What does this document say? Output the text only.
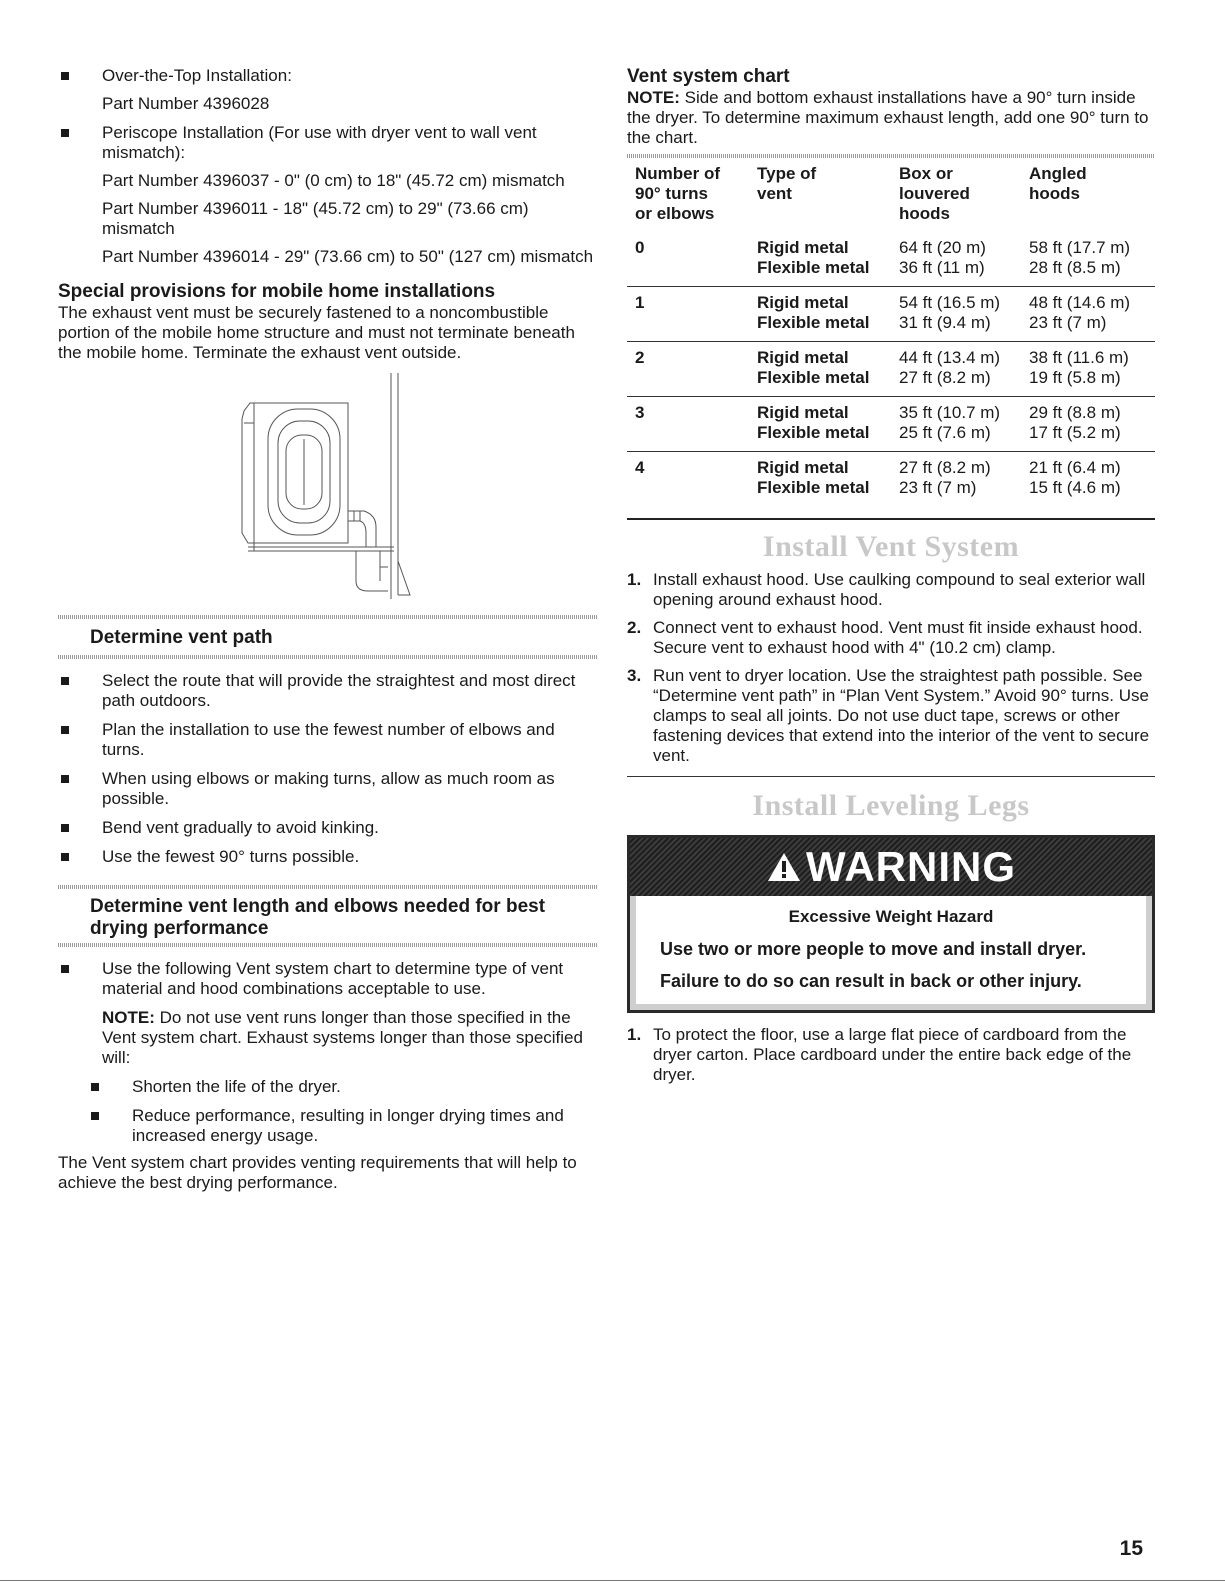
Over-the-Top Installation:

Part Number 4396028

Periscope Installation (For use with dryer vent to wall vent mismatch):

Part Number 4396037 - 0" (0 cm) to 18" (45.72 cm) mismatch

Part Number 4396011 - 18" (45.72 cm) to 29" (73.66 cm) mismatch

Part Number 4396014 - 29" (73.66 cm) to 50" (127 cm) mismatch

Special provisions for mobile home installations

The exhaust vent must be securely fastened to a noncombustible portion of the mobile home structure and must not terminate beneath the mobile home. Terminate the exhaust vent outside.

Determine vent path

Select the route that will provide the straightest and most direct path outdoors.

Plan the installation to use the fewest number of elbows and turns.

When using elbows or making turns, allow as much room as possible.

Bend vent gradually to avoid kinking.

Use the fewest 90° turns possible.

Determine vent length and elbows needed for best drying performance

Use the following Vent system chart to determine type of vent material and hood combinations acceptable to use.

NOTE: Do not use vent runs longer than those specified in the Vent system chart. Exhaust systems longer than those specified will:

Shorten the life of the dryer.

Reduce performance, resulting in longer drying times and increased energy usage.

The Vent system chart provides venting requirements that will help to achieve the best drying performance.

Vent system chart

NOTE: Side and bottom exhaust installations have a 90° turn inside the dryer. To determine maximum exhaust length, add one 90° turn to the chart.

Number of
90° turns
or elbows	Type of
vent	Box or
louvered
hoods	Angled
hoods
0	Rigid metal	64 ft (20 m)	58 ft (17.7 m)
	Flexible metal	36 ft (11 m)	28 ft (8.5 m)
1	Rigid metal	54 ft (16.5 m)	48 ft (14.6 m)
	Flexible metal	31 ft (9.4 m)	23 ft (7 m)
2	Rigid metal	44 ft (13.4 m)	38 ft (11.6 m)
	Flexible metal	27 ft (8.2 m)	19 ft (5.8 m)
3	Rigid metal	35 ft (10.7 m)	29 ft (8.8 m)
	Flexible metal	25 ft (7.6 m)	17 ft (5.2 m)
4	Rigid metal	27 ft (8.2 m)	21 ft (6.4 m)
	Flexible metal	23 ft (7 m)	15 ft (4.6 m)
Install Vent System

1. Install exhaust hood. Use caulking compound to seal exterior wall opening around exhaust hood.

2. Connect vent to exhaust hood. Vent must fit inside exhaust hood. Secure vent to exhaust hood with 4" (10.2 cm) clamp.

3. Run vent to dryer location. Use the straightest path possible. See “Determine vent path” in “Plan Vent System.” Avoid 90° turns. Use clamps to seal all joints. Do not use duct tape, screws or other fastening devices that extend into the interior of the vent to secure vent.

Install Leveling Legs
WARNING

Excessive Weight Hazard

Use two or more people to move and install dryer.

Failure to do so can result in back or other injury.

1. To protect the floor, use a large flat piece of cardboard from the dryer carton. Place cardboard under the entire back edge of the dryer.

15
